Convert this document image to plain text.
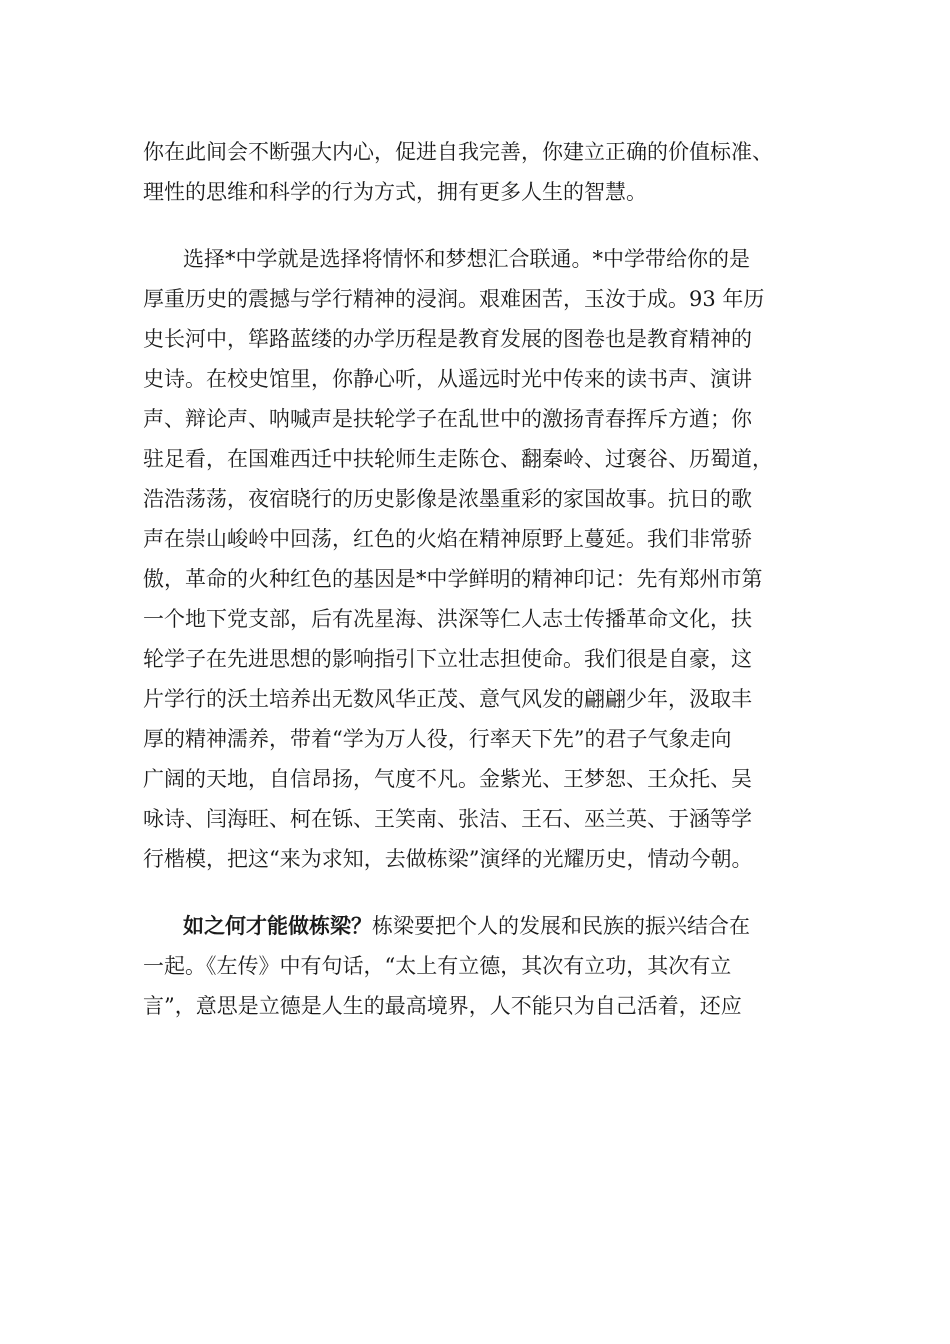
你在此间会不断强大内心，促进自我完善，你建立正确的价值标准、
理性的思维和科学的行为方式，拥有更多人生的智慧。
选择*中学就是选择将情怀和梦想汇合联通。*中学带给你的是
厚重历史的震撼与学行精神的浸润。艰难困苦，玉汝于成。93 年历
史长河中，筚路蓝缕的办学历程是教育发展的图卷也是教育精神的
史诗。在校史馆里，你静心听，从遥远时光中传来的读书声、演讲
声、辩论声、呐喊声是扶轮学子在乱世中的激扬青春挥斥方遒；你
驻足看，在国难西迁中扶轮师生走陈仓、翻秦岭、过褒谷、历蜀道，
浩浩荡荡，夜宿晓行的历史影像是浓墨重彩的家国故事。抗日的歌
声在崇山峻岭中回荡，红色的火焰在精神原野上蔓延。我们非常骄
傲，革命的火种红色的基因是*中学鲜明的精神印记：先有郑州市第
一个地下党支部，后有冼星海、洪深等仁人志士传播革命文化，扶
轮学子在先进思想的影响指引下立壮志担使命。我们很是自豪，这
片学行的沃土培养出无数风华正茂、意气风发的翩翩少年，汲取丰
厚的精神濡养，带着“学为万人役，行率天下先”的君子气象走向
广阔的天地，自信昂扬，气度不凡。金紫光、王梦恕、王众托、吴
咏诗、闫海旺、柯在铄、王笑南、张洁、王石、巫兰英、于涵等学
行楷模，把这“来为求知，去做栋梁”演绎的光耀历史，情动今朝。
如之何才能做栋梁？栋梁要把个人的发展和民族的振兴结合在
一起。《左传》中有句话，“太上有立德，其次有立功，其次有立
言”，意思是立德是人生的最高境界，人不能只为自己活着，还应
